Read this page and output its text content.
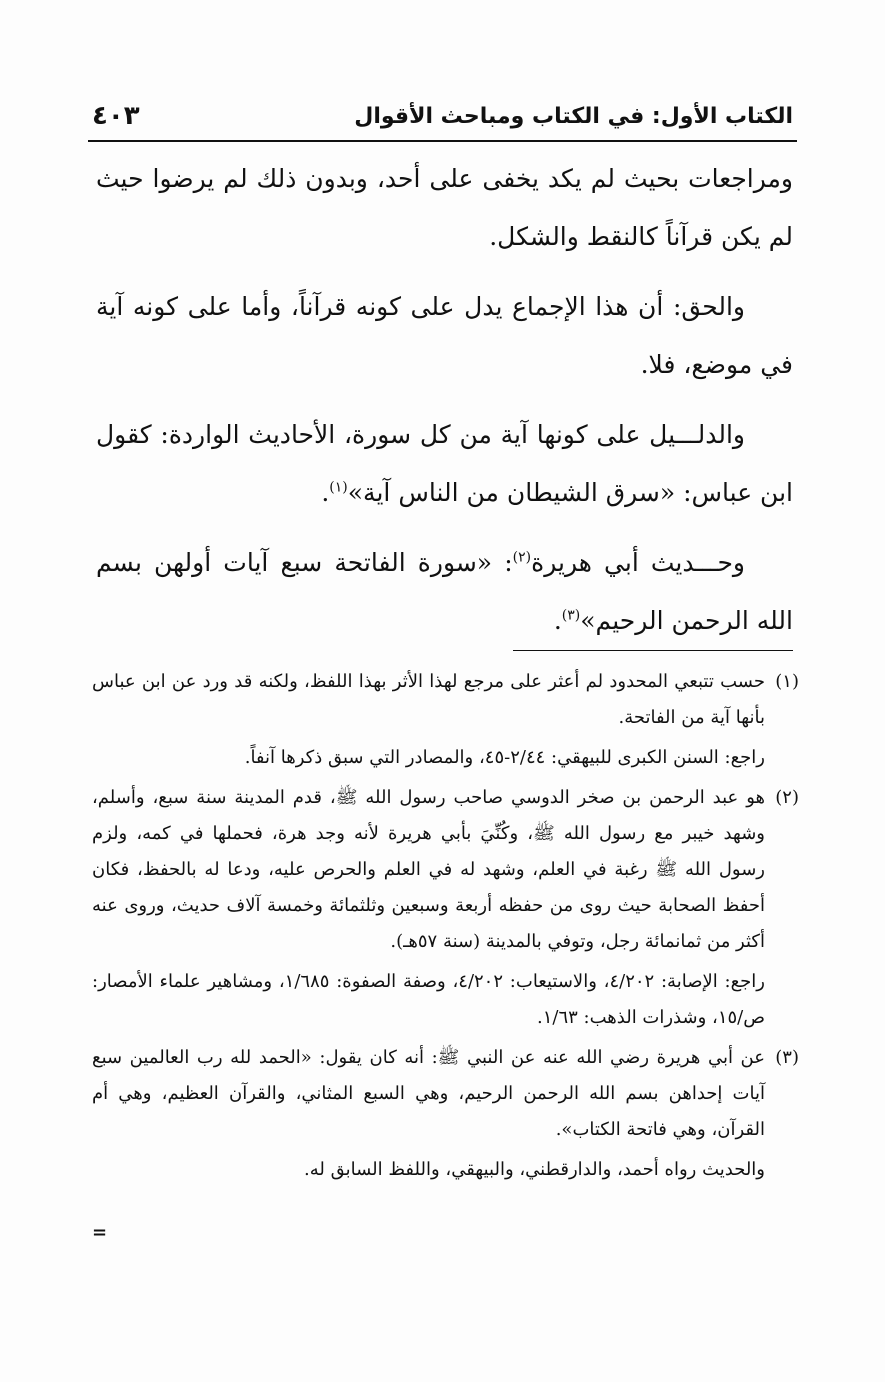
الكتاب الأول: في الكتاب ومباحث الأقوال
٤٠٣

ومراجعات بحيث لم يكد يخفى على أحد، وبدون ذلك لم يرضوا حيث لم يكن قرآناً كالنقط والشكل.

والحق: أن هذا الإجماع يدل على كونه قرآناً، وأما على كونه آية في موضع، فلا.

والدلـــيل على كونها آية من كل سورة، الأحاديث الواردة: كقول ابن عباس: «سرق الشيطان من الناس آية»$^{(١)}$.

وحـــديث أبي هريرة$^{(٢)}$: «سورة الفاتحة سبع آيات أولهن بسم الله الرحمن الرحيم»$^{(٣)}$.

(١)
حسب تتبعي المحدود لم أعثر على مرجع لهذا الأثر بهذا اللفظ، ولكنه قد ورد عن ابن عباس بأنها آية من الفاتحة.
راجع: السنن الكبرى للبيهقي: ٢/٤٤-٤٥، والمصادر التي سبق ذكرها آنفاً.
(٢)
هو عبد الرحمن بن صخر الدوسي صاحب رسول الله ﷺ، قدم المدينة سنة سبع، وأسلم، وشهد خيبر مع رسول الله ﷺ، وكُنِّيَ بأبي هريرة لأنه وجد هرة، فحملها في كمه، ولزم رسول الله ﷺ رغبة في العلم، وشهد له في العلم والحرص عليه، ودعا له بالحفظ، فكان أحفظ الصحابة حيث روى من حفظه أربعة وسبعين وثلثمائة وخمسة آلاف حديث، وروى عنه أكثر من ثمانمائة رجل، وتوفي بالمدينة (سنة ٥٧هـ).
راجع: الإصابة: ٤/٢٠٢، والاستيعاب: ٤/٢٠٢، وصفة الصفوة: ١/٦٨٥، ومشاهير علماء الأمصار: ص/١٥، وشذرات الذهب: ١/٦٣.
(٣)
عن أبي هريرة رضي الله عنه عن النبي ﷺ: أنه كان يقول: «الحمد لله رب العالمين سبع آيات إحداهن بسم الله الرحمن الرحيم، وهي السبع المثاني، والقرآن العظيم، وهي أم القرآن، وهي فاتحة الكتاب».
والحديث رواه أحمد، والدارقطني، والبيهقي، واللفظ السابق له.
=
